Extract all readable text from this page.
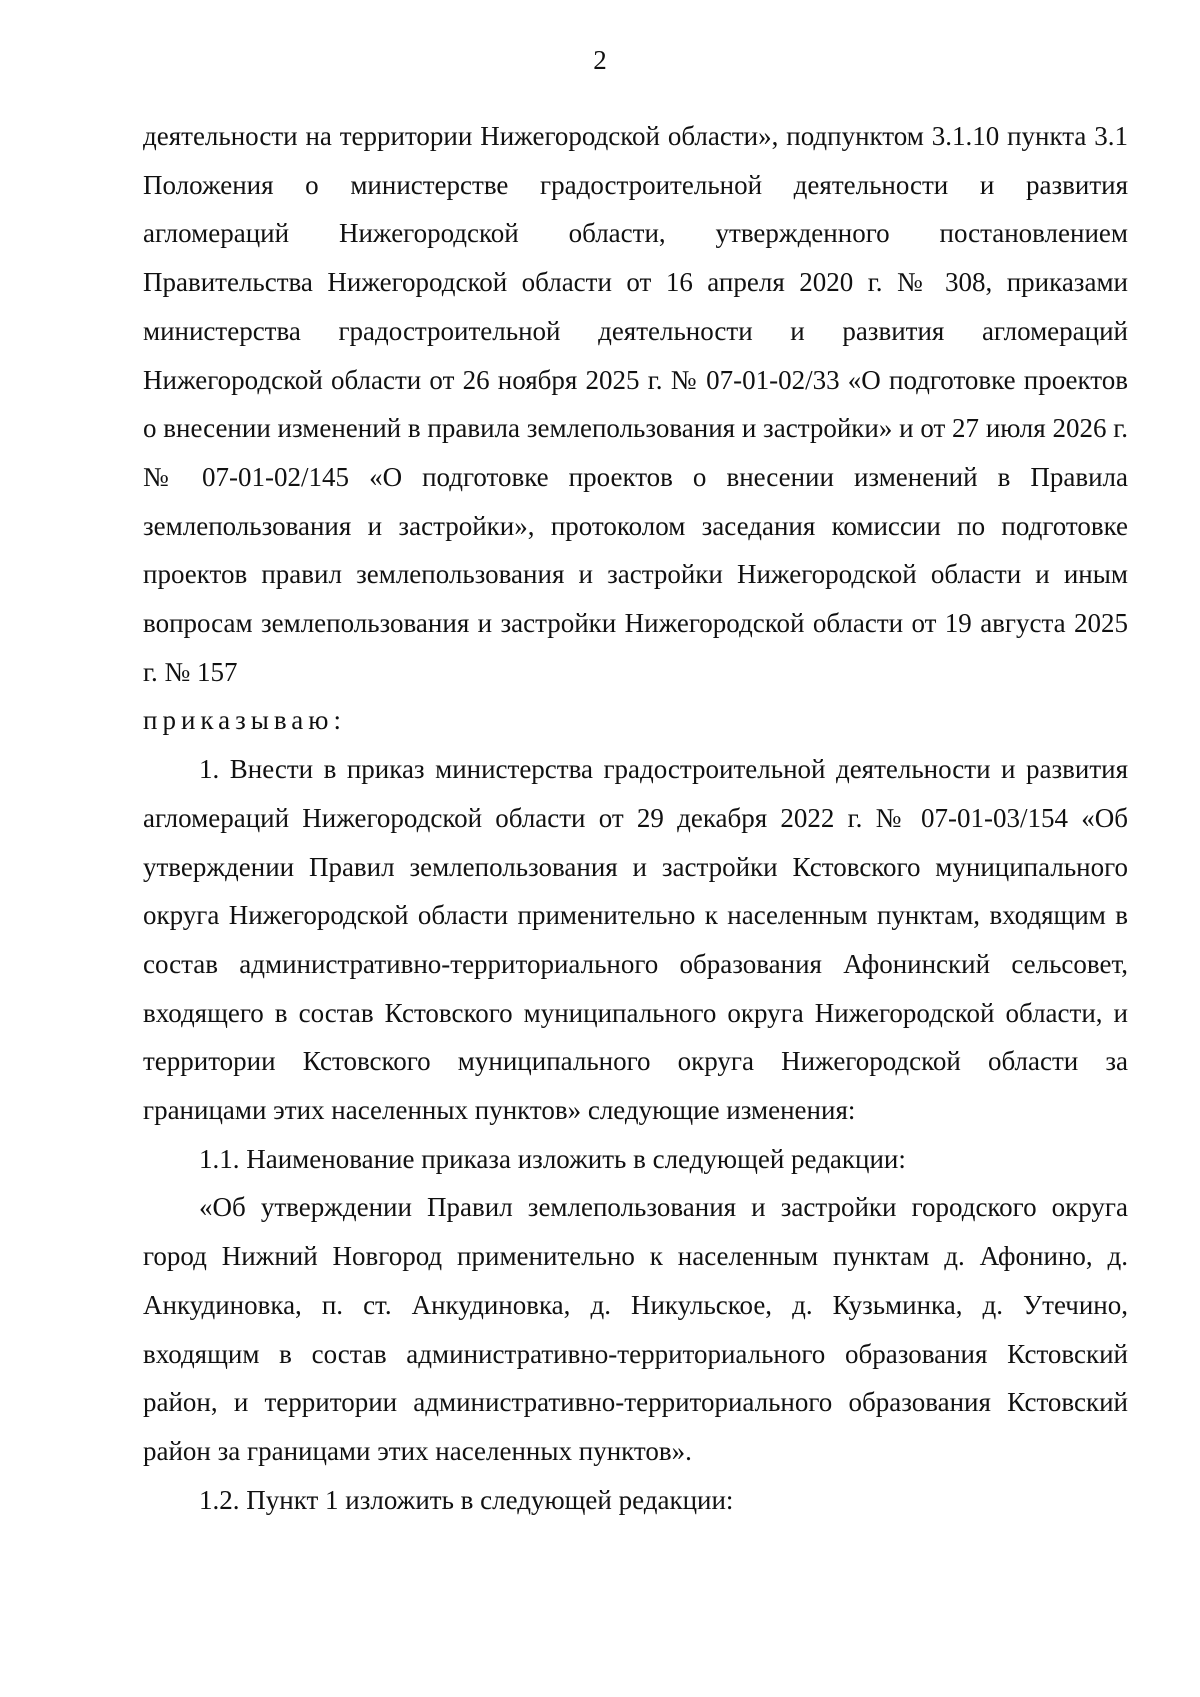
2

деятельности на территории Нижегородской области», подпунктом 3.1.10 пункта 3.1 Положения о министерстве градостроительной деятельности и развития агломераций Нижегородской области, утвержденного постановлением Правительства Нижегородской области от 16 апреля 2020 г. № 308, приказами министерства градостроительной деятельности и развития агломераций Нижегородской области от 26 ноября 2025 г. № 07-01-02/33 «О подготовке проектов о внесении изменений в правила землепользования и застройки» и от 27 июля 2026 г. № 07-01-02/145 «О подготовке проектов о внесении изменений в Правила землепользования и застройки», протоколом заседания комиссии по подготовке проектов правил землепользования и застройки Нижегородской области и иным вопросам землепользования и застройки Нижегородской области от 19 августа 2025 г. № 157

приказываю:

1. Внести в приказ министерства градостроительной деятельности и развития агломераций Нижегородской области от 29 декабря 2022 г. № 07-01-03/154 «Об утверждении Правил землепользования и застройки Кстовского муниципального округа Нижегородской области применительно к населенным пунктам, входящим в состав административно-территориального образования Афонинский сельсовет, входящего в состав Кстовского муниципального округа Нижегородской области, и территории Кстовского муниципального округа Нижегородской области за границами этих населенных пунктов» следующие изменения:

1.1. Наименование приказа изложить в следующей редакции:

«Об утверждении Правил землепользования и застройки городского округа город Нижний Новгород применительно к населенным пунктам д. Афонино, д. Анкудиновка, п. ст. Анкудиновка, д. Никульское, д. Кузьминка, д. Утечино, входящим в состав административно-территориального образования Кстовский район, и территории административно-территориального образования Кстовский район за границами этих населенных пунктов».

1.2. Пункт 1 изложить в следующей редакции:
